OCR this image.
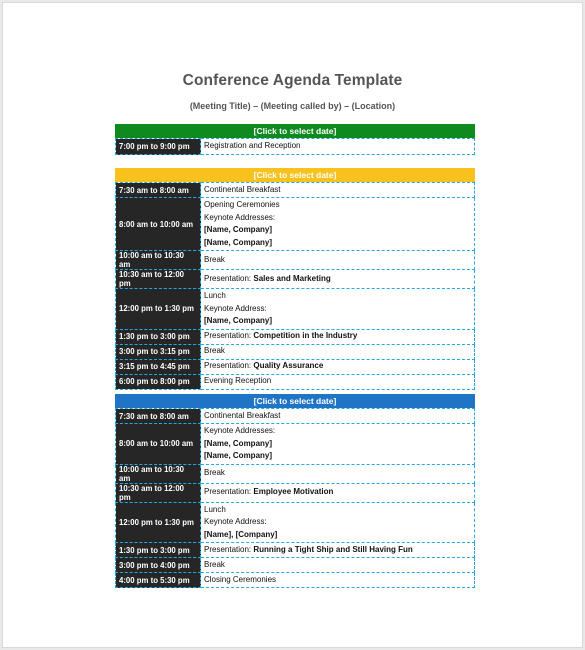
Conference Agenda Template
(Meeting Title) – (Meeting called by) – (Location)
[Click to select date]
7:00 pm to 9:00 pm	Registration and Reception
[Click to select date]
7:30 am to 8:00 am	Continental Breakfast

8:00 am to 10:00 am	Opening Ceremonies
Keynote Addresses:
[Name, Company]
[Name, Company]

10:00 am to 10:30 am	Break

10:30 am to 12:00 pm	Presentation: Sales and Marketing

12:00 pm to 1:30 pm	Lunch
Keynote Address:
[Name, Company]

1:30 pm to 3:00 pm	Presentation: Competition in the Industry

3:00 pm to 3:15 pm	Break

3:15 pm to 4:45 pm	Presentation: Quality Assurance

6:00 pm to 8:00 pm	Evening Reception
[Click to select date]
7:30 am to 8:00 am	Continental Breakfast

8:00 am to 10:00 am	Keynote Addresses:
[Name, Company]
[Name, Company]

10:00 am to 10:30 am	Break

10:30 am to 12:00 pm	Presentation: Employee Motivation

12:00 pm to 1:30 pm	Lunch
Keynote Address:
[Name], [Company]

1:30 pm to 3:00 pm	Presentation: Running a Tight Ship and Still Having Fun

3:00 pm to 4:00 pm	Break

4:00 pm to 5:30 pm	Closing Ceremonies
